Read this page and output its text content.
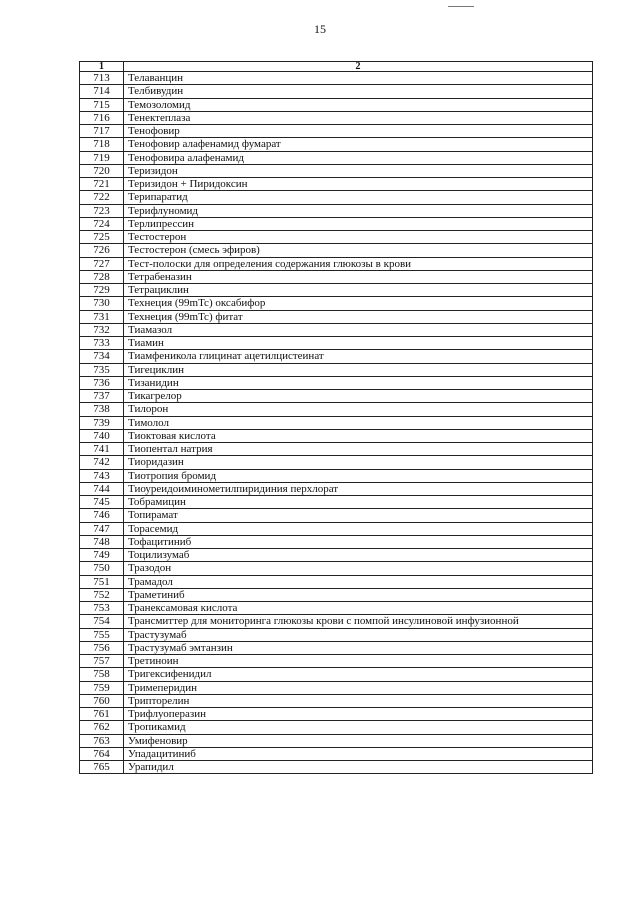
15
1	2
713	Телаванцин
714	Телбивудин
715	Темозоломид
716	Тенектеплаза
717	Тенофовир
718	Тенофовир алафенамид фумарат
719	Тенофовира алафенамид
720	Теризидон
721	Теризидон + Пиридоксин
722	Терипаратид
723	Терифлуномид
724	Терлипрессин
725	Тестостерон
726	Тестостерон (смесь эфиров)
727	Тест-полоски для определения содержания глюкозы в крови
728	Тетрабеназин
729	Тетрациклин
730	Технеция (99mTc) оксабифор
731	Технеция (99mTc) фитат
732	Тиамазол
733	Тиамин
734	Тиамфеникола глицинат ацетилцистеинат
735	Тигециклин
736	Тизанидин
737	Тикагрелор
738	Тилорон
739	Тимолол
740	Тиоктовая кислота
741	Тиопентал натрия
742	Тиоридазин
743	Тиотропия бромид
744	Тиоуреидоиминометилпиридиния перхлорат
745	Тобрамицин
746	Топирамат
747	Торасемид
748	Тофацитиниб
749	Тоцилизумаб
750	Тразодон
751	Трамадол
752	Траметиниб
753	Транексамовая кислота
754	Трансмиттер для мониторинга глюкозы крови с помпой инсулиновой инфузионной
755	Трастузумаб
756	Трастузумаб эмтанзин
757	Третиноин
758	Тригексифенидил
759	Тримеперидин
760	Трипторелин
761	Трифлуоперазин
762	Тропикамид
763	Умифеновир
764	Упадацитиниб
765	Урапидил
